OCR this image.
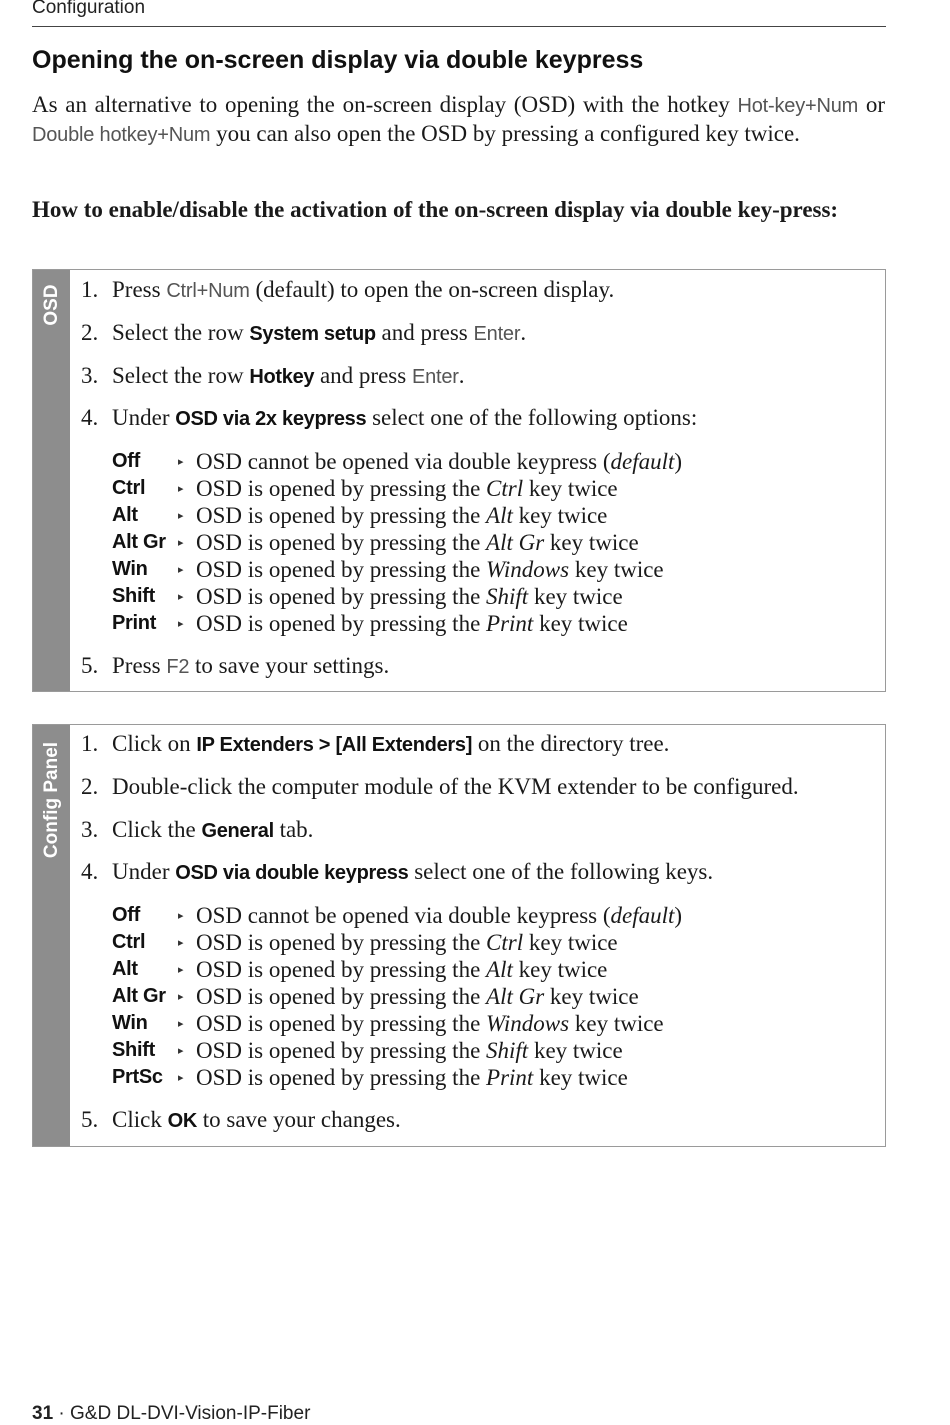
Configuration
Opening the on-screen display via double keypress
As an alternative to opening the on-screen display (OSD) with the hotkey Hot-key+Num or Double hotkey+Num you can also open the OSD by pressing a configured key twice.
How to enable/disable the activation of the on-screen display via double key-press:
OSD 1. Press Ctrl+Num (default) to open the on-screen display.
2. Select the row System setup and press Enter.
3. Select the row Hotkey and press Enter.
4. Under OSD via 2x keypress select one of the following options:
Off	▸ OSD cannot be opened via double keypress (default)
Ctrl	▸ OSD is opened by pressing the Ctrl key twice
Alt	▸ OSD is opened by pressing the Alt key twice
Alt Gr ▸ OSD is opened by pressing the Alt Gr key twice
Win	▸ OSD is opened by pressing the Windows key twice
Shift ▸ OSD is opened by pressing the Shift key twice
Print ▸ OSD is opened by pressing the Print key twice
5. Press F2 to save your settings.
Config Panel 1. Click on IP Extenders > [All Extenders] on the directory tree.
2. Double-click the computer module of the KVM extender to be configured.
3. Click the General tab.
4. Under OSD via double keypress select one of the following keys.
Off	▸ OSD cannot be opened via double keypress (default)
Ctrl	▸ OSD is opened by pressing the Ctrl key twice
Alt	▸ OSD is opened by pressing the Alt key twice
Alt Gr ▸ OSD is opened by pressing the Alt Gr key twice
Win	▸ OSD is opened by pressing the Windows key twice
Shift ▸ OSD is opened by pressing the Shift key twice
PrtSc ▸ OSD is opened by pressing the Print key twice
5. Click OK to save your changes.
31 · G&D DL-DVI-Vision-IP-Fiber
